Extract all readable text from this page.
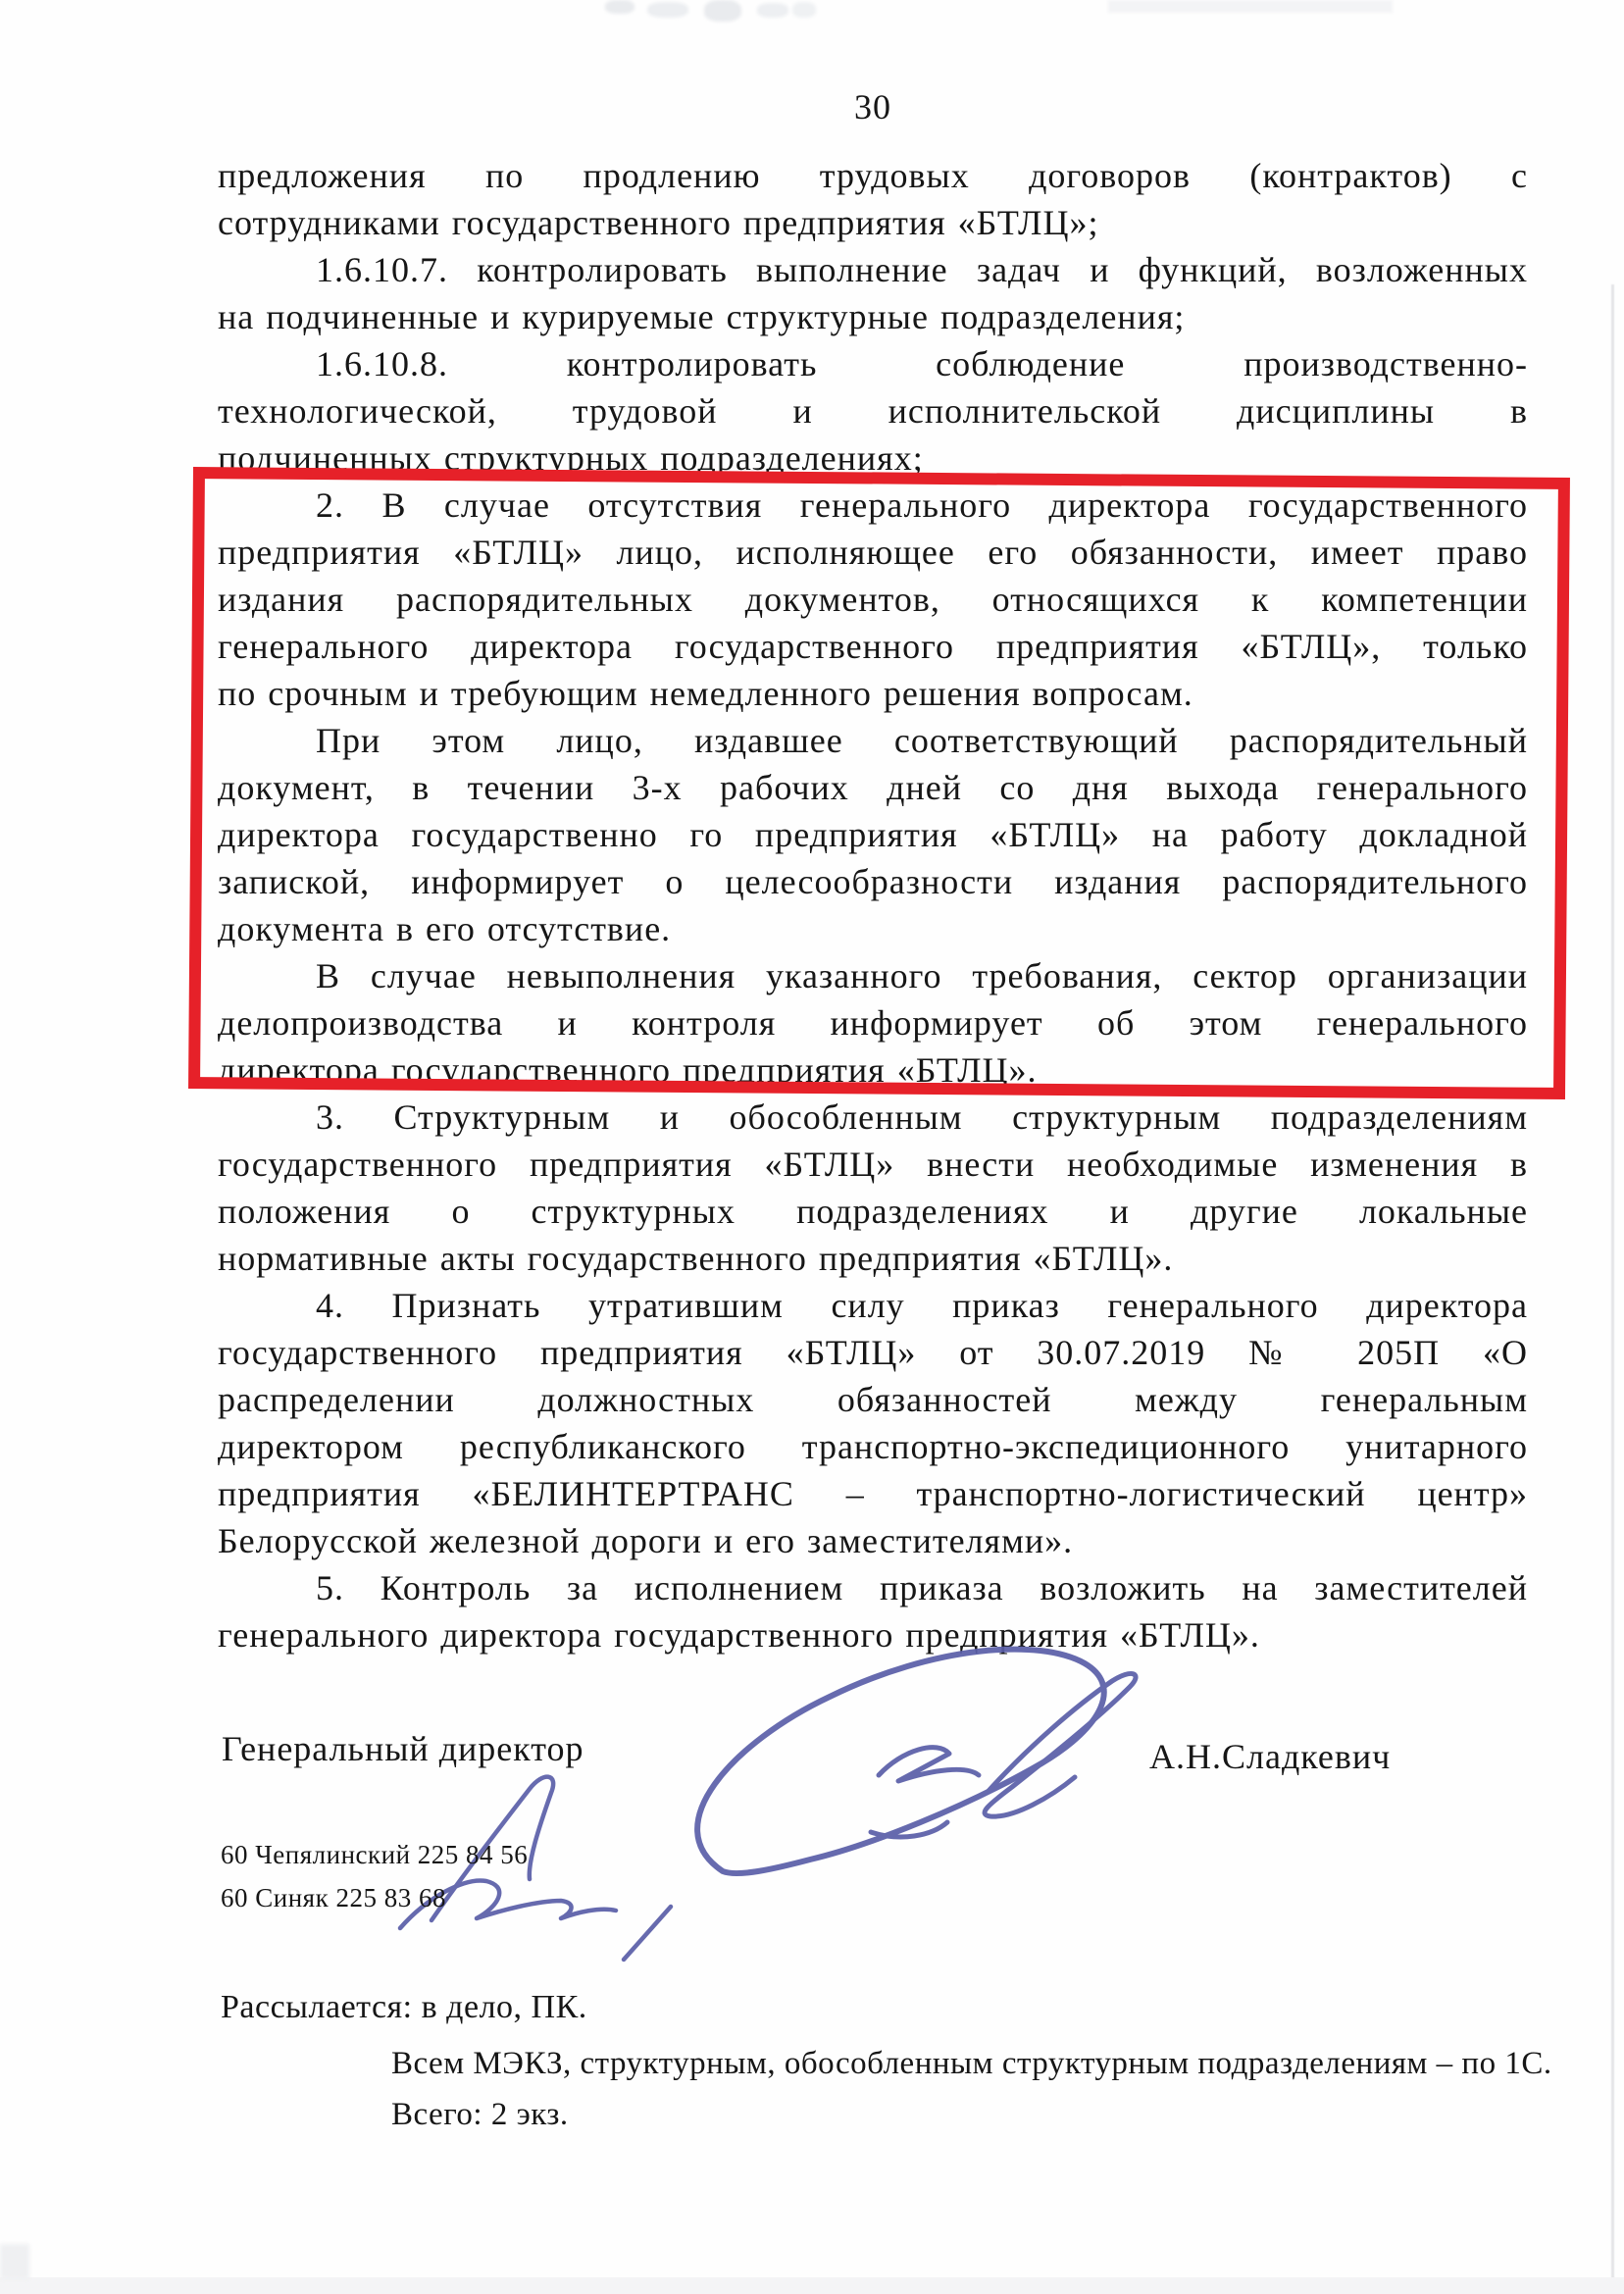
30
предложения по продлению трудовых договоров (контрактов) с
сотрудниками государственного предприятия «БТЛЦ»;
1.6.10.7. контролировать выполнение задач и функций, возложенных
на подчиненные и курируемые структурные подразделения;
1.6.10.8. контролировать соблюдение производственно-
технологической, трудовой и исполнительской дисциплины в
подчиненных структурных подразделениях;
2. В случае отсутствия генерального директора государственного
предприятия «БТЛЦ» лицо, исполняющее его обязанности, имеет право
издания распорядительных документов, относящихся к компетенции
генерального директора государственного предприятия «БТЛЦ», только
по срочным и требующим немедленного решения вопросам.
При этом лицо, издавшее соответствующий распорядительный
документ, в течении 3-х рабочих дней со дня выхода генерального
директора государственно го предприятия «БТЛЦ» на работу докладной
запиской, информирует о целесообразности издания распорядительного
документа в его отсутствие.
В случае невыполнения указанного требования, сектор организации
делопроизводства и контроля информирует об этом генерального
директора государственного предприятия «БТЛЦ».
3. Структурным и обособленным структурным подразделениям
государственного предприятия «БТЛЦ» внести необходимые изменения в
положения о структурных подразделениях и другие локальные
нормативные акты государственного предприятия «БТЛЦ».
4. Признать утратившим силу приказ генерального директора
государственного предприятия «БТЛЦ» от 30.07.2019 № 205П «О
распределении должностных обязанностей между генеральным
директором республиканского транспортно-экспедиционного унитарного
предприятия «БЕЛИНТЕРТРАНС – транспортно-логистический центр»
Белорусской железной дороги и его заместителями».
5. Контроль за исполнением приказа возложить на заместителей
генерального директора государственного предприятия «БТЛЦ».
Генеральный директор	А.Н.Сладкевич
60 Чепялинский 225 84 56
60 Синяк 225 83 68
Рассылается: в дело, ПК.
Всем МЭКЗ, структурным, обособленным структурным подразделениям – по 1С.
Всего: 2 экз.
